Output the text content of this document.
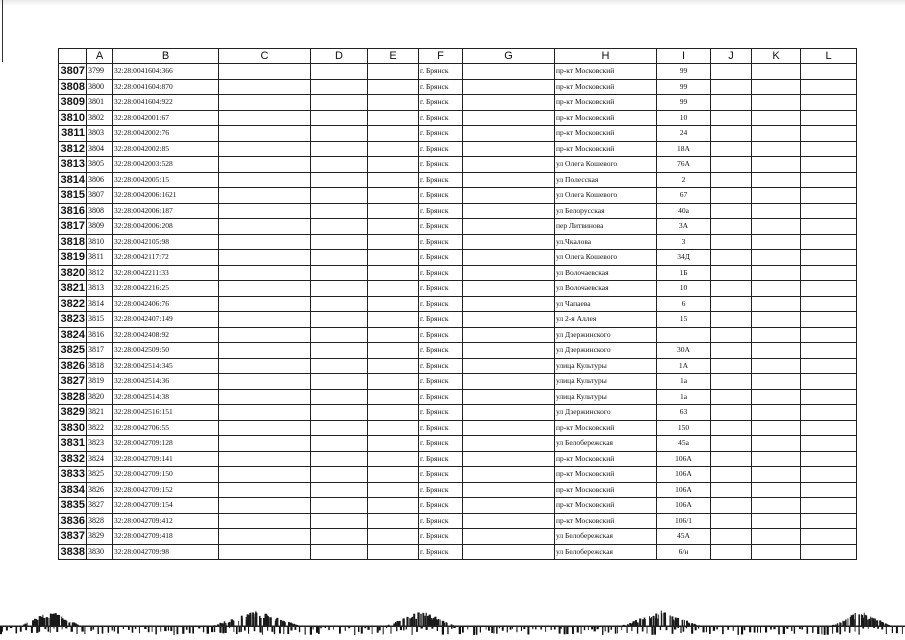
	A	B	C	D	E	F	G	H	I	J	K	L
3807	3799	32:28:0041604:366				г. Брянск		пр-кт Московский	99			
3808	3800	32:28:0041604:870				г. Брянск		пр-кт Московский	99			
3809	3801	32:28:0041604:922				г. Брянск		пр-кт Московский	99			
3810	3802	32:28:0042001:67				г. Брянск		пр-кт Московский	10			
3811	3803	32:28:0042002:76				г. Брянск		пр-кт Московский	24			
3812	3804	32:28:0042002:85				г. Брянск		пр-кт Московский	18А			
3813	3805	32:28:0042003:528				г. Брянск		ул Олега Кошевого	76А			
3814	3806	32:28:0042005:15				г. Брянск		ул Полесская	2			
3815	3807	32:28:0042006:1621				г. Брянск		ул Олега Кошевого	67			
3816	3808	32:28:0042006:187				г. Брянск		ул Белорусская	40а			
3817	3809	32:28:0042006:208				г. Брянск		пер Литвинова	3А			
3818	3810	32:28:0042105:98				г. Брянск		ул.Чкалова	3			
3819	3811	32:28:0042117:72				г. Брянск		ул Олега Кошевого	34Д			
3820	3812	32:28:0042211:33				г. Брянск		ул Волочаевская	1Б			
3821	3813	32:28:0042216:25				г. Брянск		ул Волочаевская	10			
3822	3814	32:28:0042406:76				г. Брянск		ул Чапаева	6			
3823	3815	32:28:0042407:149				г. Брянск		ул 2-я Аллея	15			
3824	3816	32:28:0042408:92				г. Брянск		ул Дзержинского				
3825	3817	32:28:0042509:50				г. Брянск		ул Дзержинского	30А			
3826	3818	32:28:0042514:345				г. Брянск		улица Культуры	1А			
3827	3819	32:28:0042514:36				г. Брянск		улица Культуры	1а			
3828	3820	32:28:0042514:38				г. Брянск		улица Культуры	1а			
3829	3821	32:28:0042516:151				г. Брянск		ул Дзержинского	63			
3830	3822	32:28:0042706:55				г. Брянск		пр-кт Московский	150			
3831	3823	32:28:0042709:128				г. Брянск		ул Белобережская	45а			
3832	3824	32:28:0042709:141				г. Брянск		пр-кт Московский	106А			
3833	3825	32:28:0042709:150				г. Брянск		пр-кт Московский	106А			
3834	3826	32:28:0042709:152				г. Брянск		пр-кт Московский	106А			
3835	3827	32:28:0042709:154				г. Брянск		пр-кт Московский	106А			
3836	3828	32:28:0042709:412				г. Брянск		пр-кт Московский	106/1			
3837	3829	32:28:0042709:418				г. Брянск		ул Белобережская	45А			
3838	3830	32:28:0042709:98				г. Брянск		ул Белобережская	6/н			
